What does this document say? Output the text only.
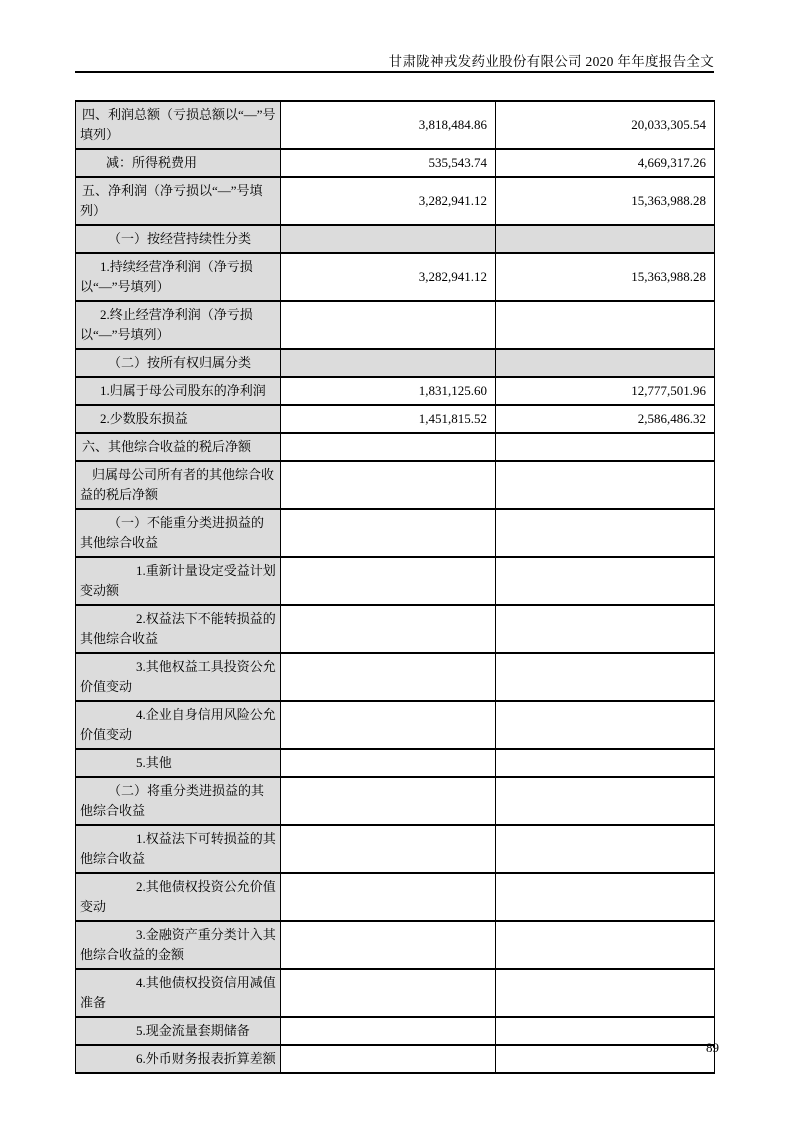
甘肃陇神戎发药业股份有限公司 2020 年年度报告全文
四、利润总额（亏损总额以“—”号填列）	3,818,484.86	20,033,305.54
减：所得税费用	535,543.74	4,669,317.26
五、净利润（净亏损以“—”号填列）	3,282,941.12	15,363,988.28
（一）按经营持续性分类		
1.持续经营净利润（净亏损以“—”号填列）	3,282,941.12	15,363,988.28
2.终止经营净利润（净亏损以“—”号填列）		
（二）按所有权归属分类		
1.归属于母公司股东的净利润	1,831,125.60	12,777,501.96
2.少数股东损益	1,451,815.52	2,586,486.32
六、其他综合收益的税后净额		
归属母公司所有者的其他综合收益的税后净额		
（一）不能重分类进损益的其他综合收益		
1.重新计量设定受益计划变动额		
2.权益法下不能转损益的其他综合收益		
3.其他权益工具投资公允价值变动		
4.企业自身信用风险公允价值变动		
5.其他		
（二）将重分类进损益的其他综合收益		
1.权益法下可转损益的其他综合收益		
2.其他债权投资公允价值变动		
3.金融资产重分类计入其他综合收益的金额		
4.其他债权投资信用减值准备		
5.现金流量套期储备		
6.外币财务报表折算差额		
89
